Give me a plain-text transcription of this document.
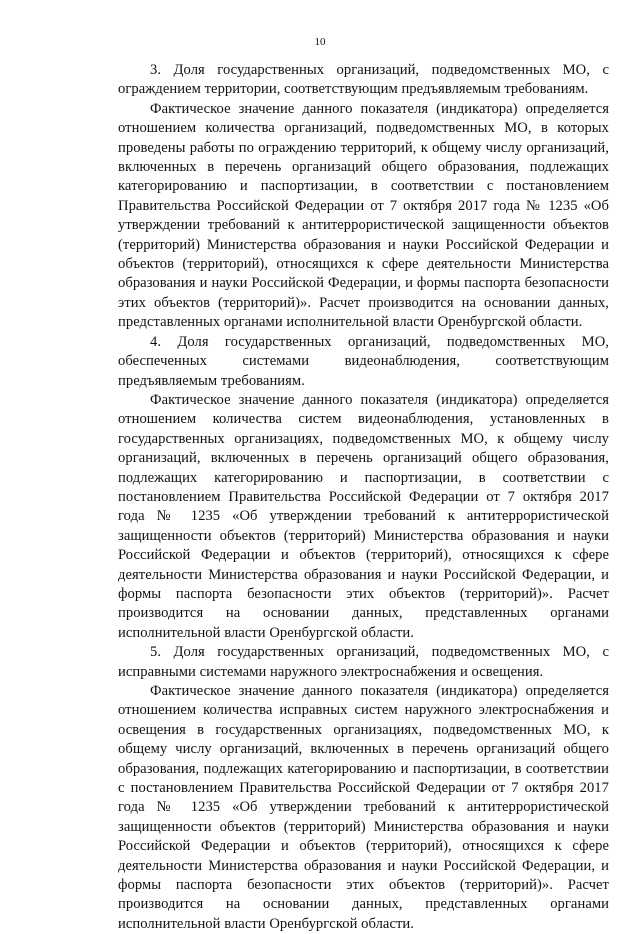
10

3. Доля государственных организаций, подведомственных МО, с ограждением территории, соответствующим предъявляемым требованиям.

Фактическое значение данного показателя (индикатора) определяется отношением количества организаций, подведомственных МО, в которых проведены работы по ограждению территорий, к общему числу организаций, включенных в перечень организаций общего образования, подлежащих категорированию и паспортизации, в соответствии с постановлением Правительства Российской Федерации от 7 октября 2017 года № 1235 «Об утверждении требований к антитеррористической защищенности объектов (территорий) Министерства образования и науки Российской Федерации и объектов (территорий), относящихся к сфере деятельности Министерства образования и науки Российской Федерации, и формы паспорта безопасности этих объектов (территорий)». Расчет производится на основании данных, представленных органами исполнительной власти Оренбургской области.

4. Доля государственных организаций, подведомственных МО, обеспеченных системами видеонаблюдения, соответствующим предъявляемым требованиям.

Фактическое значение данного показателя (индикатора) определяется отношением количества систем видеонаблюдения, установленных в государственных организациях, подведомственных МО, к общему числу организаций, включенных в перечень организаций общего образования, подлежащих категорированию и паспортизации, в соответствии с постановлением Правительства Российской Федерации от 7 октября 2017 года № 1235 «Об утверждении требований к антитеррористической защищенности объектов (территорий) Министерства образования и науки Российской Федерации и объектов (территорий), относящихся к сфере деятельности Министерства образования и науки Российской Федерации, и формы паспорта безопасности этих объектов (территорий)». Расчет производится на основании данных, представленных органами исполнительной власти Оренбургской области.

5. Доля государственных организаций, подведомственных МО, с исправными системами наружного электроснабжения и освещения.

Фактическое значение данного показателя (индикатора) определяется отношением количества исправных систем наружного электроснабжения и освещения в государственных организациях, подведомственных МО, к общему числу организаций, включенных в перечень организаций общего образования, подлежащих категорированию и паспортизации, в соответствии с постановлением Правительства Российской Федерации от 7 октября 2017 года № 1235 «Об утверждении требований к антитеррористической защищенности объектов (территорий) Министерства образования и науки Российской Федерации и объектов (территорий), относящихся к сфере деятельности Министерства образования и науки Российской Федерации, и формы паспорта безопасности этих объектов (территорий)». Расчет производится на основании данных, представленных органами исполнительной власти Оренбургской области.
